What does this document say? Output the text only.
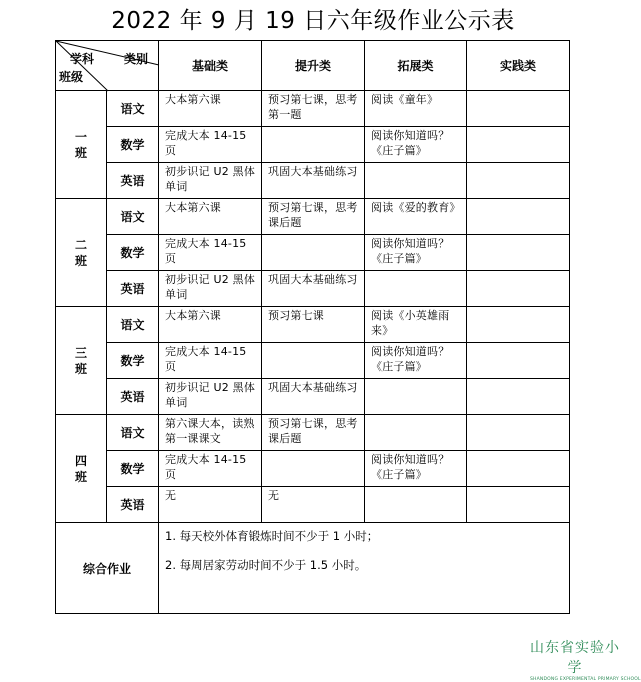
2022 年 9 月 19 日六年级作业公示表
学科 类别
班级		基础类	提升类	拓展类	实践类
一班	语文	大本第六课	预习第七课，思考第一题	阅读《童年》	
	数学	完成大本 14-15 页		阅读你知道吗？《庄子篇》	
	英语	初步识记 U2 黑体单词	巩固大本基础练习		
二班	语文	大本第六课	预习第七课，思考课后题	阅读《爱的教育》	
	数学	完成大本 14-15 页		阅读你知道吗？《庄子篇》	
	英语	初步识记 U2 黑体单词	巩固大本基础练习		
三班	语文	大本第六课	预习第七课	阅读《小英雄雨来》	
	数学	完成大本 14-15 页		阅读你知道吗？《庄子篇》	
	英语	初步识记 U2 黑体单词	巩固大本基础练习		
四班	语文	第六课大本，读熟第一课课文	预习第七课，思考课后题		
	数学	完成大本 14-15 页		阅读你知道吗？《庄子篇》	
	英语	无	无		
综合作业		1. 每天校外体育锻炼时间不少于 1 小时；

2. 每周居家劳动时间不少于 1.5 小时。			

山东省实验小学
SHANDONG EXPERIMENTAL PRIMARY SCHOOL
